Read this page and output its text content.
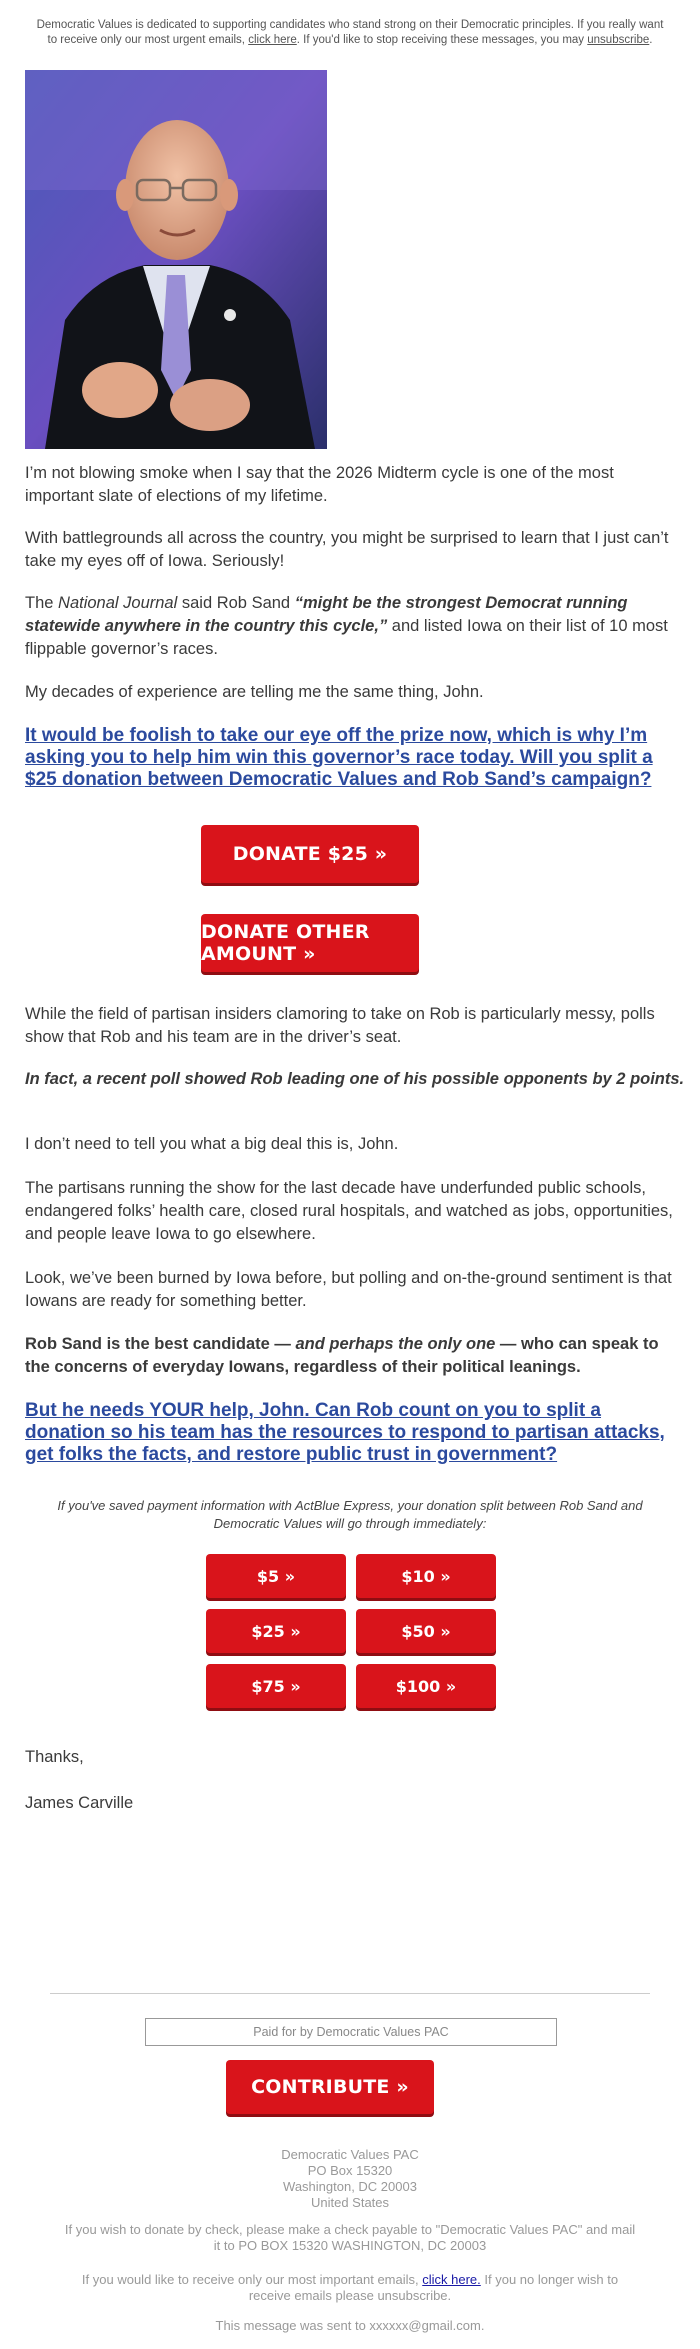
Democratic Values is dedicated to supporting candidates who stand strong on their Democratic principles. If you really want to receive only our most urgent emails, click here. If you'd like to stop receiving these messages, you may unsubscribe.

I’m not blowing smoke when I say that the 2026 Midterm cycle is one of the most important slate of elections of my lifetime.

With battlegrounds all across the country, you might be surprised to learn that I just can’t take my eyes off of Iowa. Seriously!

The National Journal said Rob Sand “might be the strongest Democrat running statewide anywhere in the country this cycle,” and listed Iowa on their list of 10 most flippable governor’s races.

My decades of experience are telling me the same thing, John.

It would be foolish to take our eye off the prize now, which is why I’m asking you to help him win this governor’s race today. Will you split a $25 donation between Democratic Values and Rob Sand’s campaign?
DONATE $25 »
DONATE OTHER AMOUNT »

While the field of partisan insiders clamoring to take on Rob is particularly messy, polls show that Rob and his team are in the driver’s seat.

In fact, a recent poll showed Rob leading one of his possible opponents by 2 points.

I don’t need to tell you what a big deal this is, John.

The partisans running the show for the last decade have underfunded public schools, endangered folks’ health care, closed rural hospitals, and watched as jobs, opportunities, and people leave Iowa to go elsewhere.

Look, we’ve been burned by Iowa before, but polling and on-the-ground sentiment is that Iowans are ready for something better.

Rob Sand is the best candidate — and perhaps the only one — who can speak to the concerns of everyday Iowans, regardless of their political leanings.

But he needs YOUR help, John. Can Rob count on you to split a donation so his team has the resources to respond to partisan attacks, get folks the facts, and restore public trust in government?
If you've saved payment information with ActBlue Express, your donation split between Rob Sand and Democratic Values will go through immediately:
$5 »	$10 »
$25 »	$50 »
$75 »	$100 »

Thanks,

James Carville

Paid for by Democratic Values PAC
CONTRIBUTE »
Democratic Values PAC
PO Box 15320
Washington, DC 20003
United States
If you wish to donate by check, please make a check payable to "Democratic Values PAC" and mail it to PO BOX 15320 WASHINGTON, DC 20003
If you would like to receive only our most important emails, click here. If you no longer wish to receive emails please unsubscribe.
This message was sent to xxxxxx@gmail.com.
